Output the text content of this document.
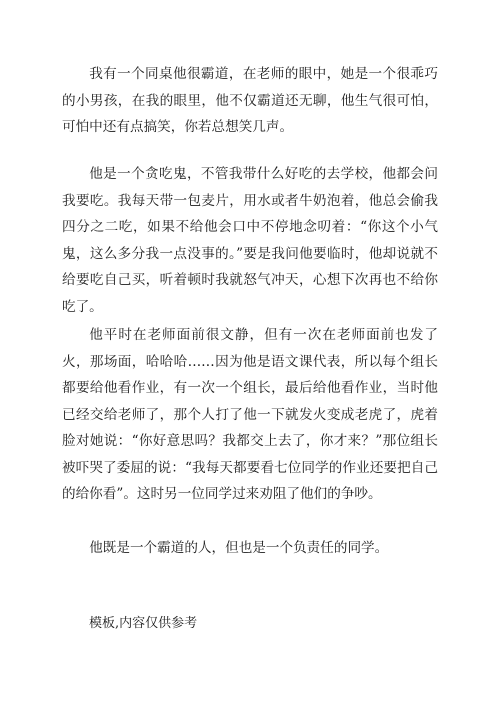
我有一个同桌他很霸道，在老师的眼中，她是一个很乖巧的小男孩，在我的眼里，他不仅霸道还无聊，他生气很可怕，可怕中还有点搞笑，你若总想笑几声。

他是一个贪吃鬼，不管我带什么好吃的去学校，他都会问我要吃。我每天带一包麦片，用水或者牛奶泡着，他总会偷我四分之二吃，如果不给他会口中不停地念叨着：“你这个小气鬼，这么多分我一点没事的。”要是我问他要临时，他却说就不给要吃自己买，听着顿时我就怒气冲天，心想下次再也不给你吃了。

他平时在老师面前很文静，但有一次在老师面前也发了火，那场面，哈哈哈……因为他是语文课代表，所以每个组长都要给他看作业，有一次一个组长，最后给他看作业，当时他已经交给老师了，那个人打了他一下就发火变成老虎了，虎着脸对她说：“你好意思吗？我都交上去了，你才来？”那位组长被吓哭了委屈的说：“我每天都要看七位同学的作业还要把自己的给你看”。这时另一位同学过来劝阻了他们的争吵。

他既是一个霸道的人，但也是一个负责任的同学。

模板,内容仅供参考
